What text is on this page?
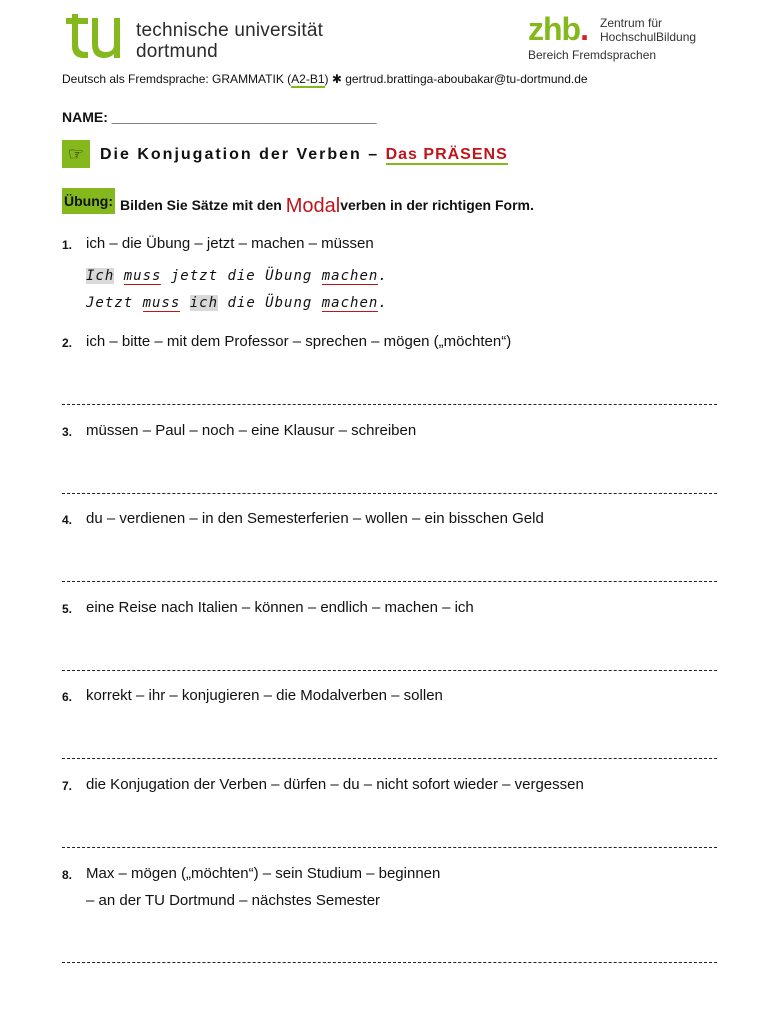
technische universität
dortmund
zhb. Zentrum für
HochschulBildung
Bereich Fremdsprachen
Deutsch als Fremdsprache: GRAMMATIK (A2-B1) ✱ gertrud.brattinga-aboubakar@tu-dortmund.de
NAME: __________________________________
☞ Die Konjugation der Verben – Das PRÄSENS
Übung: Bilden Sie Sätze mit den Modalverben in der richtigen Form.
1. ich – die Übung – jetzt – machen – müssen
Ich muss jetzt die Übung machen.
Jetzt muss ich die Übung machen.
2. ich – bitte – mit dem Professor – sprechen – mögen („möchten“)
3. müssen – Paul – noch – eine Klausur – schreiben
4. du – verdienen – in den Semesterferien – wollen – ein bisschen Geld
5. eine Reise nach Italien – können – endlich – machen – ich
6. korrekt – ihr – konjugieren – die Modalverben – sollen
7. die Konjugation der Verben – dürfen – du – nicht sofort wieder – vergessen
8. Max – mögen („möchten“) – sein Studium – beginnen
– an der TU Dortmund – nächstes Semester
